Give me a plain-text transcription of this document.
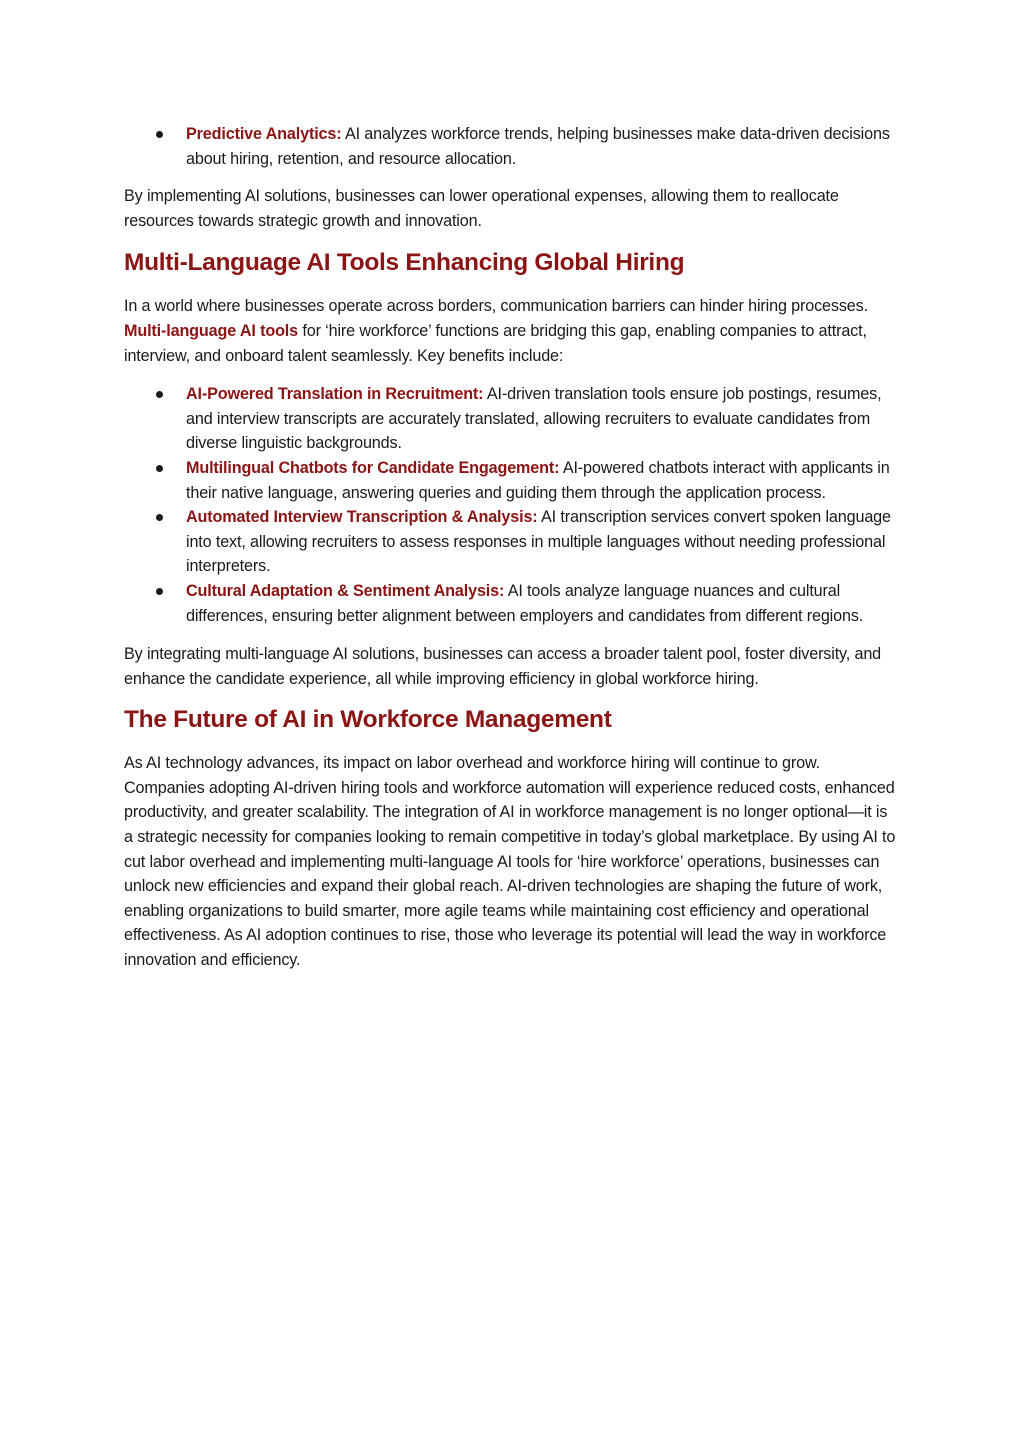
Predictive Analytics: AI analyzes workforce trends, helping businesses make data-driven decisions about hiring, retention, and resource allocation.

By implementing AI solutions, businesses can lower operational expenses, allowing them to reallocate resources towards strategic growth and innovation.

Multi-Language AI Tools Enhancing Global Hiring

In a world where businesses operate across borders, communication barriers can hinder hiring processes. Multi-language AI tools for ‘hire workforce’ functions are bridging this gap, enabling companies to attract, interview, and onboard talent seamlessly. Key benefits include:

AI-Powered Translation in Recruitment: AI-driven translation tools ensure job postings, resumes, and interview transcripts are accurately translated, allowing recruiters to evaluate candidates from diverse linguistic backgrounds.
Multilingual Chatbots for Candidate Engagement: AI-powered chatbots interact with applicants in their native language, answering queries and guiding them through the application process.
Automated Interview Transcription & Analysis: AI transcription services convert spoken language into text, allowing recruiters to assess responses in multiple languages without needing professional interpreters.
Cultural Adaptation & Sentiment Analysis: AI tools analyze language nuances and cultural differences, ensuring better alignment between employers and candidates from different regions.

By integrating multi-language AI solutions, businesses can access a broader talent pool, foster diversity, and enhance the candidate experience, all while improving efficiency in global workforce hiring.

The Future of AI in Workforce Management

As AI technology advances, its impact on labor overhead and workforce hiring will continue to grow. Companies adopting AI-driven hiring tools and workforce automation will experience reduced costs, enhanced productivity, and greater scalability. The integration of AI in workforce management is no longer optional—it is a strategic necessity for companies looking to remain competitive in today’s global marketplace. By using AI to cut labor overhead and implementing multi-language AI tools for ‘hire workforce’ operations, businesses can unlock new efficiencies and expand their global reach. AI-driven technologies are shaping the future of work, enabling organizations to build smarter, more agile teams while maintaining cost efficiency and operational effectiveness. As AI adoption continues to rise, those who leverage its potential will lead the way in workforce innovation and efficiency.
